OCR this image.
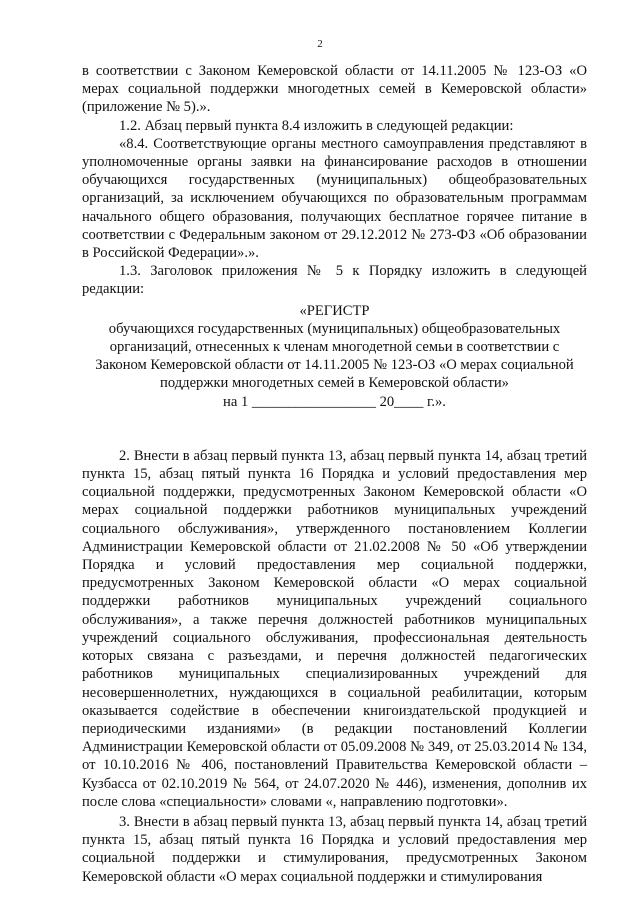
2

в соответствии с Законом Кемеровской области от 14.11.2005 № 123-ОЗ «О мерах социальной поддержки многодетных семей в Кемеровской области» (приложение № 5).».

1.2. Абзац первый пункта 8.4 изложить в следующей редакции:

«8.4. Соответствующие органы местного самоуправления представляют в уполномоченные органы заявки на финансирование расходов в отношении обучающихся государственных (муниципальных) общеобразовательных организаций, за исключением обучающихся по образовательным программам начального общего образования, получающих бесплатное горячее питание в соответствии с Федеральным законом от 29.12.2012 № 273-ФЗ «Об образовании в Российской Федерации».».

1.3. Заголовок приложения № 5 к Порядку изложить в следующей редакции:

«РЕГИСТР

обучающихся государственных (муниципальных) общеобразовательных

организаций, отнесенных к членам многодетной семьи в соответствии с

Законом Кемеровской области от 14.11.2005 № 123-ОЗ «О мерах социальной

поддержки многодетных семей в Кемеровской области»

на 1 _________________ 20____ г.».

2. Внести в абзац первый пункта 13, абзац первый пункта 14, абзац третий пункта 15, абзац пятый пункта 16 Порядка и условий предоставления мер социальной поддержки, предусмотренных Законом Кемеровской области «О мерах социальной поддержки работников муниципальных учреждений социального обслуживания», утвержденного постановлением Коллегии Администрации Кемеровской области от 21.02.2008 № 50 «Об утверждении Порядка и условий предоставления мер социальной поддержки, предусмотренных Законом Кемеровской области «О мерах социальной поддержки работников муниципальных учреждений социального обслуживания», а также перечня должностей работников муниципальных учреждений социального обслуживания, профессиональная деятельность которых связана с разъездами, и перечня должностей педагогических работников муниципальных специализированных учреждений для несовершеннолетних, нуждающихся в социальной реабилитации, которым оказывается содействие в обеспечении книгоиздательской продукцией и периодическими изданиями» (в редакции постановлений Коллегии Администрации Кемеровской области от 05.09.2008 № 349, от 25.03.2014 № 134, от 10.10.2016 № 406, постановлений Правительства Кемеровской области – Кузбасса от 02.10.2019 № 564, от 24.07.2020 № 446), изменения, дополнив их после слова «специальности» словами «, направлению подготовки».

3. Внести в абзац первый пункта 13, абзац первый пункта 14, абзац третий пункта 15, абзац пятый пункта 16 Порядка и условий предоставления мер социальной поддержки и стимулирования, предусмотренных Законом Кемеровской области «О мерах социальной поддержки и стимулирования
